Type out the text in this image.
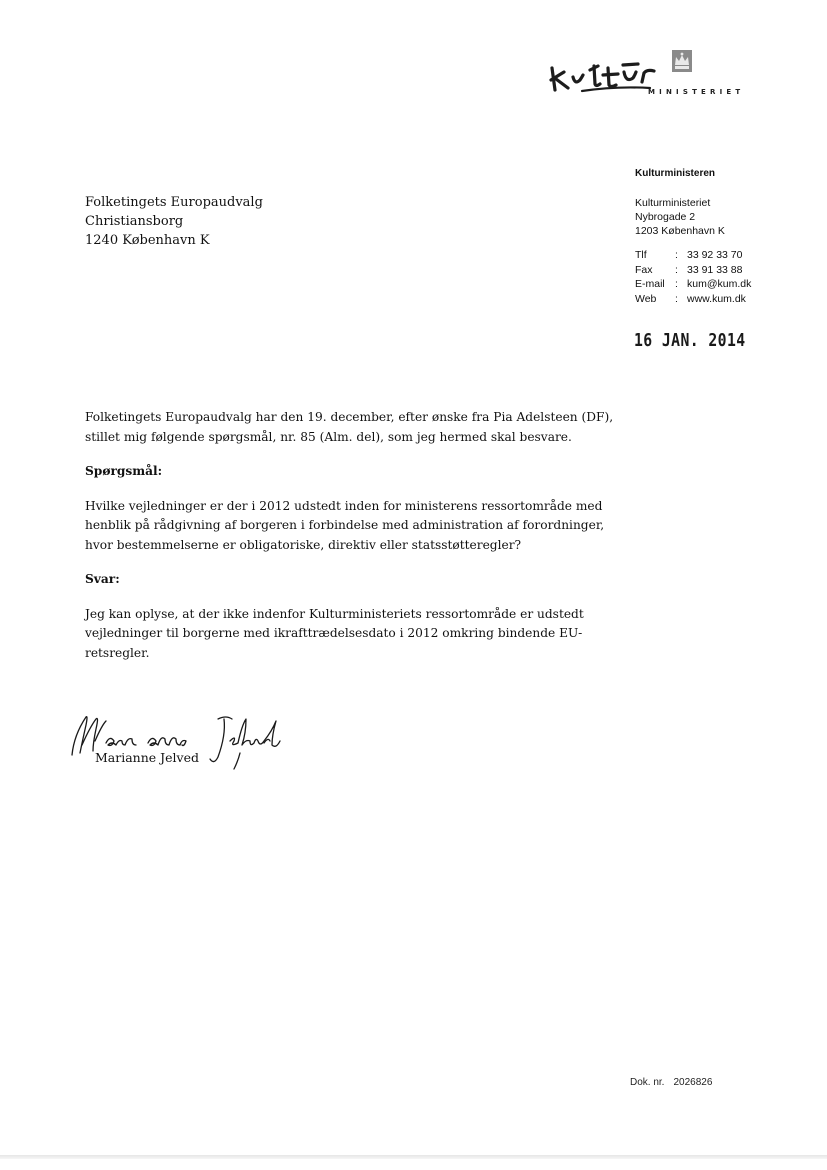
MINISTERIET
Kulturministeren
Kulturministeriet
Nybrogade 2
1203 København K
Tlf	: 33 92 33 70
Fax	: 33 91 33 88
E-mail : kum@kum.dk
Web	: www.kum.dk
16 JAN. 2014
Folketingets Europaudvalg
Christiansborg
1240 København K

Folketingets Europaudvalg har den 19. december, efter ønske fra Pia Adelsteen (DF), stillet mig følgende spørgsmål, nr. 85 (Alm. del), som jeg hermed skal besvare.

Spørgsmål:

Hvilke vejledninger er der i 2012 udstedt inden for ministerens ressortområde med henblik på rådgivning af borgeren i forbindelse med administration af forordninger, hvor bestemmelserne er obligatoriske, direktiv eller statsstøtteregler?

Svar:

Jeg kan oplyse, at der ikke indenfor Kulturministeriets ressortområde er udstedt vejledninger til borgerne med ikrafttrædelsesdato i 2012 omkring bindende EU-retsregler.

Marianne Jelved
Dok. nr. 2026826
